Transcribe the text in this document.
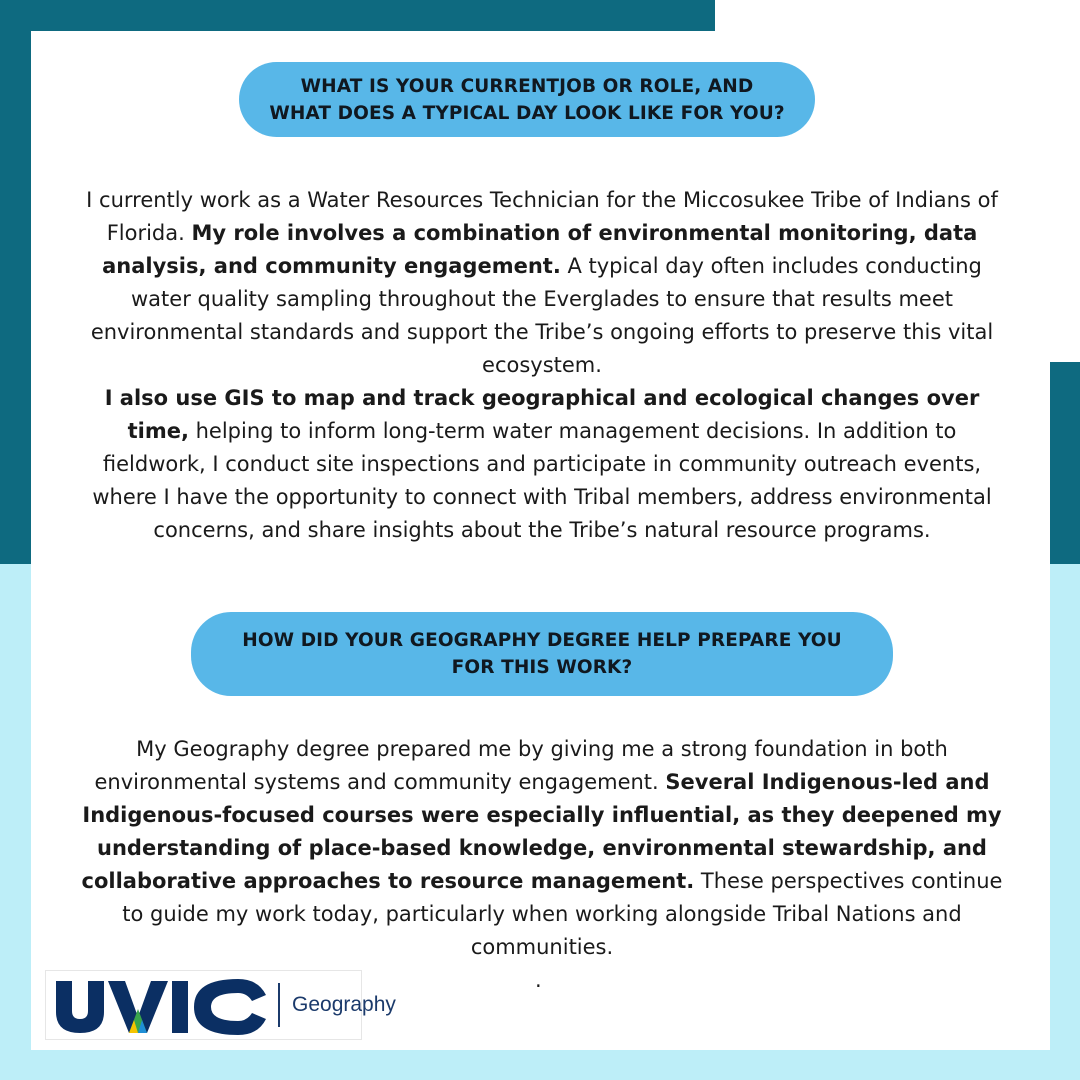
WHAT IS YOUR CURRENTJOB OR ROLE, AND WHAT DOES A TYPICAL DAY LOOK LIKE FOR YOU?
I currently work as a Water Resources Technician for the Miccosukee Tribe of Indians of Florida. My role involves a combination of environmental monitoring, data analysis, and community engagement. A typical day often includes conducting water quality sampling throughout the Everglades to ensure that results meet environmental standards and support the Tribe’s ongoing efforts to preserve this vital ecosystem.
I also use GIS to map and track geographical and ecological changes over time, helping to inform long-term water management decisions. In addition to fieldwork, I conduct site inspections and participate in community outreach events, where I have the opportunity to connect with Tribal members, address environmental concerns, and share insights about the Tribe’s natural resource programs.
HOW DID YOUR GEOGRAPHY DEGREE HELP PREPARE YOU FOR THIS WORK?
My Geography degree prepared me by giving me a strong foundation in both environmental systems and community engagement. Several Indigenous-led and Indigenous-focused courses were especially influential, as they deepened my understanding of place-based knowledge, environmental stewardship, and collaborative approaches to resource management. These perspectives continue to guide my work today, particularly when working alongside Tribal Nations and communities.
.
Geography
